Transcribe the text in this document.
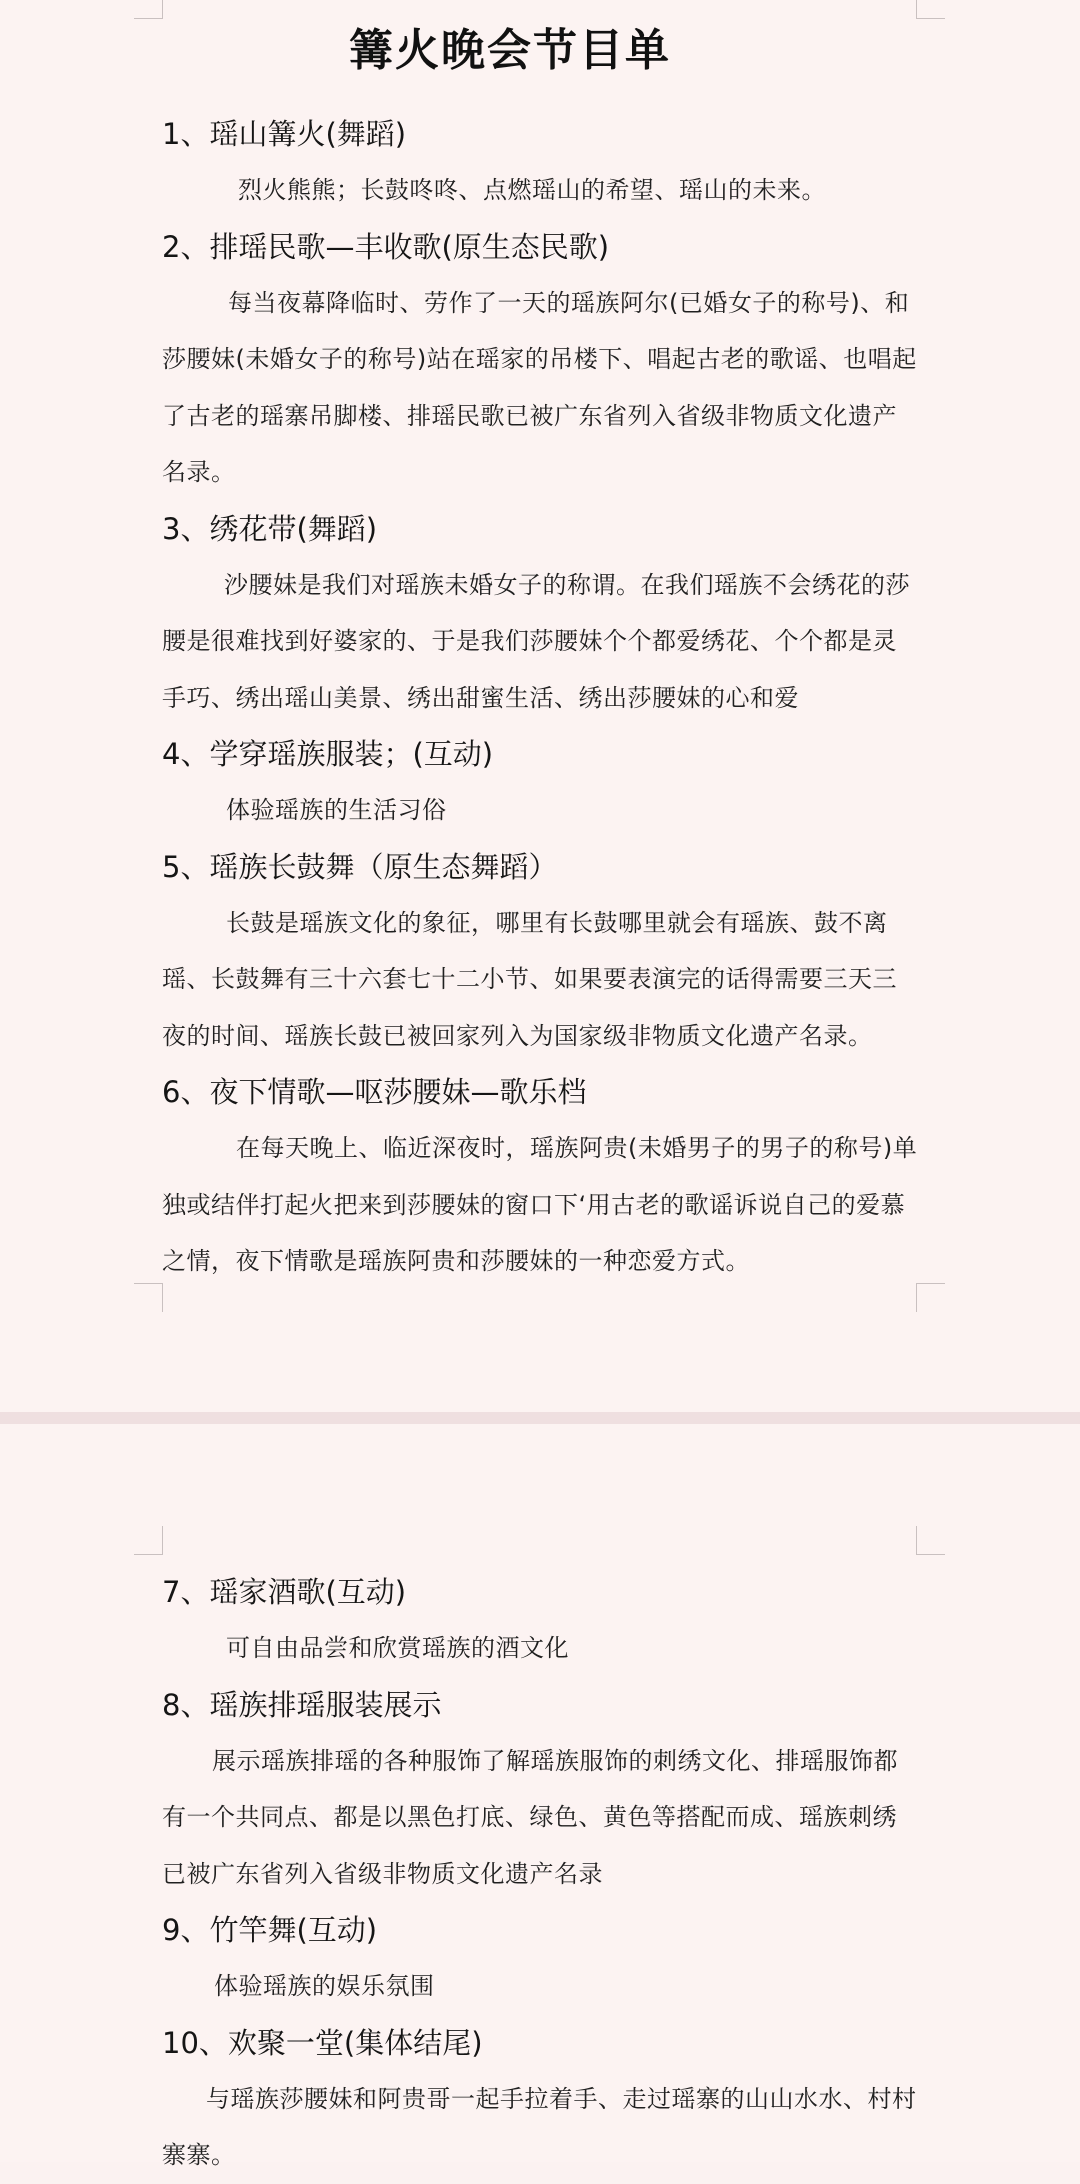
篝火晚会节目单
1、瑶山篝火(舞蹈)
烈火熊熊；长鼓咚咚、点燃瑶山的希望、瑶山的未来。
2、排瑶民歌—丰收歌(原生态民歌)
每当夜幕降临时、劳作了一天的瑶族阿尔(已婚女子的称号)、和莎腰妹(未婚女子的称号)站在瑶家的吊楼下、唱起古老的歌谣、也唱起了古老的瑶寨吊脚楼、排瑶民歌已被广东省列入省级非物质文化遗产名录。
3、绣花带(舞蹈)
沙腰妹是我们对瑶族未婚女子的称谓。在我们瑶族不会绣花的莎腰是很难找到好婆家的、于是我们莎腰妹个个都爱绣花、个个都是灵手巧、绣出瑶山美景、绣出甜蜜生活、绣出莎腰妹的心和爱
4、学穿瑶族服装；(互动)
体验瑶族的生活习俗
5、瑶族长鼓舞（原生态舞蹈）
长鼓是瑶族文化的象征，哪里有长鼓哪里就会有瑶族、鼓不离瑶、长鼓舞有三十六套七十二小节、如果要表演完的话得需要三天三夜的时间、瑶族长鼓已被回家列入为国家级非物质文化遗产名录。
6、夜下情歌—呕莎腰妹—歌乐档
在每天晚上、临近深夜时，瑶族阿贵(未婚男子的男子的称号)单独或结伴打起火把来到莎腰妹的窗口下‘用古老的歌谣诉说自己的爱慕之情，夜下情歌是瑶族阿贵和莎腰妹的一种恋爱方式。
7、瑶家酒歌(互动)
可自由品尝和欣赏瑶族的酒文化
8、瑶族排瑶服装展示
展示瑶族排瑶的各种服饰了解瑶族服饰的刺绣文化、排瑶服饰都有一个共同点、都是以黑色打底、绿色、黄色等搭配而成、瑶族刺绣已被广东省列入省级非物质文化遗产名录
9、竹竿舞(互动)
体验瑶族的娱乐氛围
10、欢聚一堂(集体结尾)
与瑶族莎腰妹和阿贵哥一起手拉着手、走过瑶寨的山山水水、村村寨寨。
